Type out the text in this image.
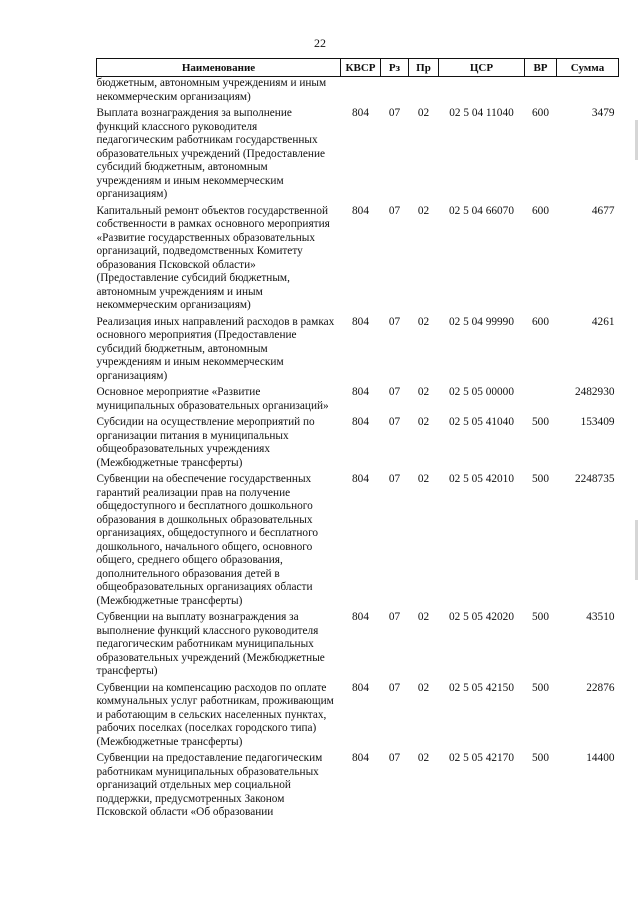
22
Наименование	КВСР	Рз	Пр	ЦСР	ВР	Сумма
бюджетным, автономным учреждениям и иным некоммерческим организациям)						
Выплата вознаграждения за выполнение функций классного руководителя педагогическим работникам государственных образовательных учреждений (Предоставление субсидий бюджетным, автономным учреждениям и иным некоммерческим организациям)	804	07	02	02 5 04 11040	600	3479
Капитальный ремонт объектов государственной собственности в рамках основного мероприятия «Развитие государственных образовательных организаций, подведомственных Комитету образования Псковской области» (Предоставление субсидий бюджетным, автономным учреждениям и иным некоммерческим организациям)	804	07	02	02 5 04 66070	600	4677
Реализация иных направлений расходов в рамках основного мероприятия (Предоставление субсидий бюджетным, автономным учреждениям и иным некоммерческим организациям)	804	07	02	02 5 04 99990	600	4261
Основное мероприятие «Развитие муниципальных образовательных организаций»	804	07	02	02 5 05 00000		2482930
Субсидии на осуществление мероприятий по организации питания в муниципальных общеобразовательных учреждениях (Межбюджетные трансферты)	804	07	02	02 5 05 41040	500	153409
Субвенции на обеспечение государственных гарантий реализации прав на получение общедоступного и бесплатного дошкольного образования в дошкольных образовательных организациях, общедоступного и бесплатного дошкольного, начального общего, основного общего, среднего общего образования, дополнительного образования детей в общеобразовательных организациях области (Межбюджетные трансферты)	804	07	02	02 5 05 42010	500	2248735
Субвенции на выплату вознаграждения за выполнение функций классного руководителя педагогическим работникам муниципальных образовательных учреждений (Межбюджетные трансферты)	804	07	02	02 5 05 42020	500	43510
Субвенции на компенсацию расходов по оплате коммунальных услуг работникам, проживающим и работающим в сельских населенных пунктах, рабочих поселках (поселках городского типа) (Межбюджетные трансферты)	804	07	02	02 5 05 42150	500	22876
Субвенции на предоставление педагогическим работникам муниципальных образовательных организаций отдельных мер социальной поддержки, предусмотренных Законом Псковской области «Об образовании	804	07	02	02 5 05 42170	500	14400
